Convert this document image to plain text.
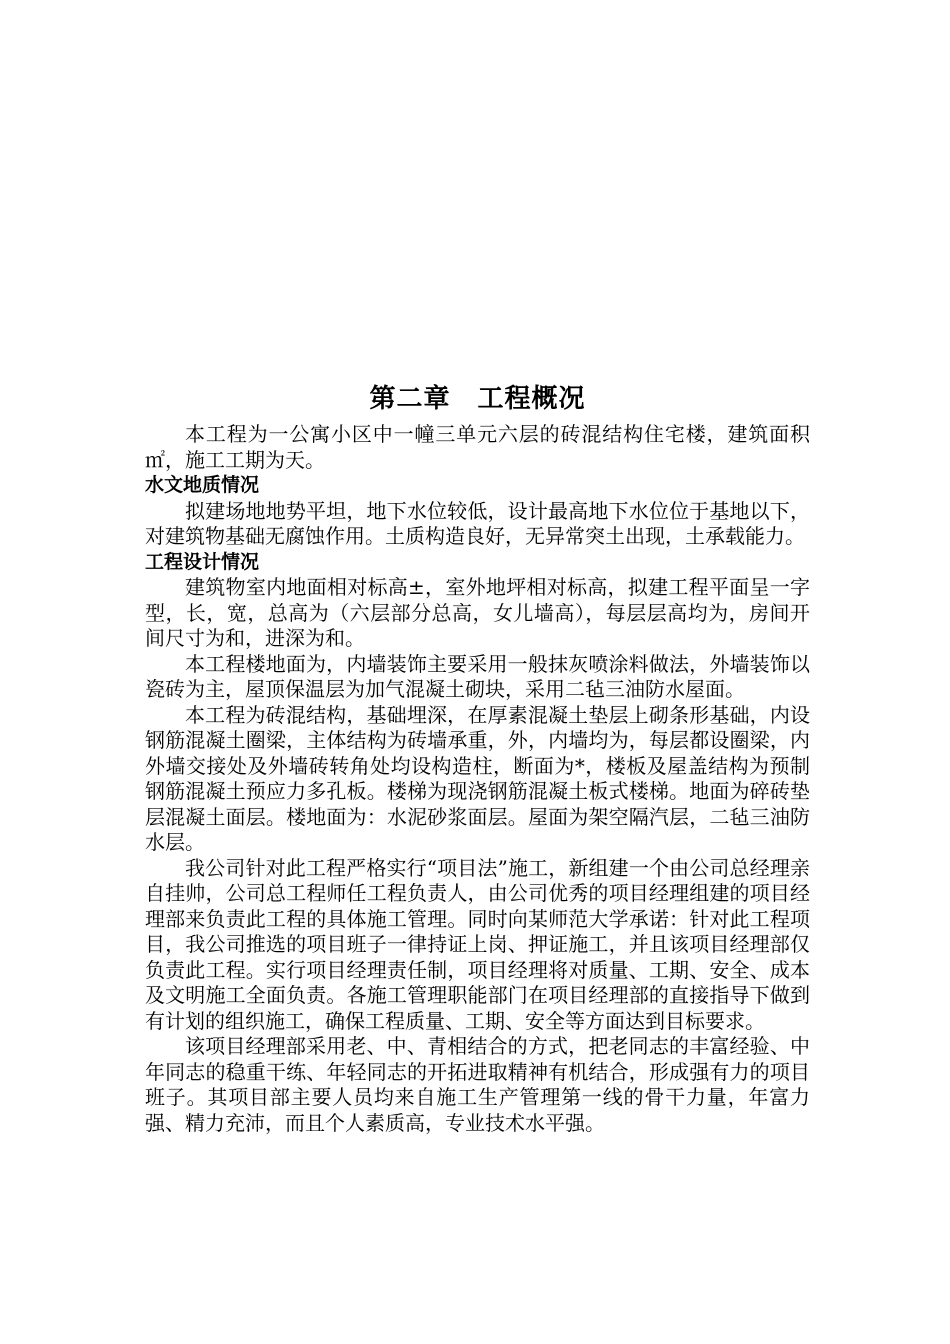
第二章　工程概况

本工程为一公寓小区中一幢三单元六层的砖混结构住宅楼，建筑面积㎡，施工工期为天。

水文地质情况

拟建场地地势平坦，地下水位较低，设计最高地下水位位于基地以下，对建筑物基础无腐蚀作用。土质构造良好，无异常突土出现，土承载能力。

工程设计情况

建筑物室内地面相对标高±，室外地坪相对标高，拟建工程平面呈一字型，长，宽，总高为（六层部分总高，女儿墙高），每层层高均为，房间开间尺寸为和，进深为和。

本工程楼地面为，内墙装饰主要采用一般抹灰喷涂料做法，外墙装饰以瓷砖为主，屋顶保温层为加气混凝土砌块，采用二毡三油防水屋面。

本工程为砖混结构，基础埋深，在厚素混凝土垫层上砌条形基础，内设钢筋混凝土圈梁，主体结构为砖墙承重，外，内墙均为，每层都设圈梁，内外墙交接处及外墙砖转角处均设构造柱，断面为*，楼板及屋盖结构为预制钢筋混凝土预应力多孔板。楼梯为现浇钢筋混凝土板式楼梯。地面为碎砖垫层混凝土面层。楼地面为：水泥砂浆面层。屋面为架空隔汽层，二毡三油防水层。

我公司针对此工程严格实行“项目法”施工，新组建一个由公司总经理亲自挂帅，公司总工程师任工程负责人，由公司优秀的项目经理组建的项目经理部来负责此工程的具体施工管理。同时向某师范大学承诺：针对此工程项目，我公司推选的项目班子一律持证上岗、押证施工，并且该项目经理部仅负责此工程。实行项目经理责任制，项目经理将对质量、工期、安全、成本及文明施工全面负责。各施工管理职能部门在项目经理部的直接指导下做到有计划的组织施工，确保工程质量、工期、安全等方面达到目标要求。

该项目经理部采用老、中、青相结合的方式，把老同志的丰富经验、中年同志的稳重干练、年轻同志的开拓进取精神有机结合，形成强有力的项目班子。其项目部主要人员均来自施工生产管理第一线的骨干力量，年富力强、精力充沛，而且个人素质高，专业技术水平强。
